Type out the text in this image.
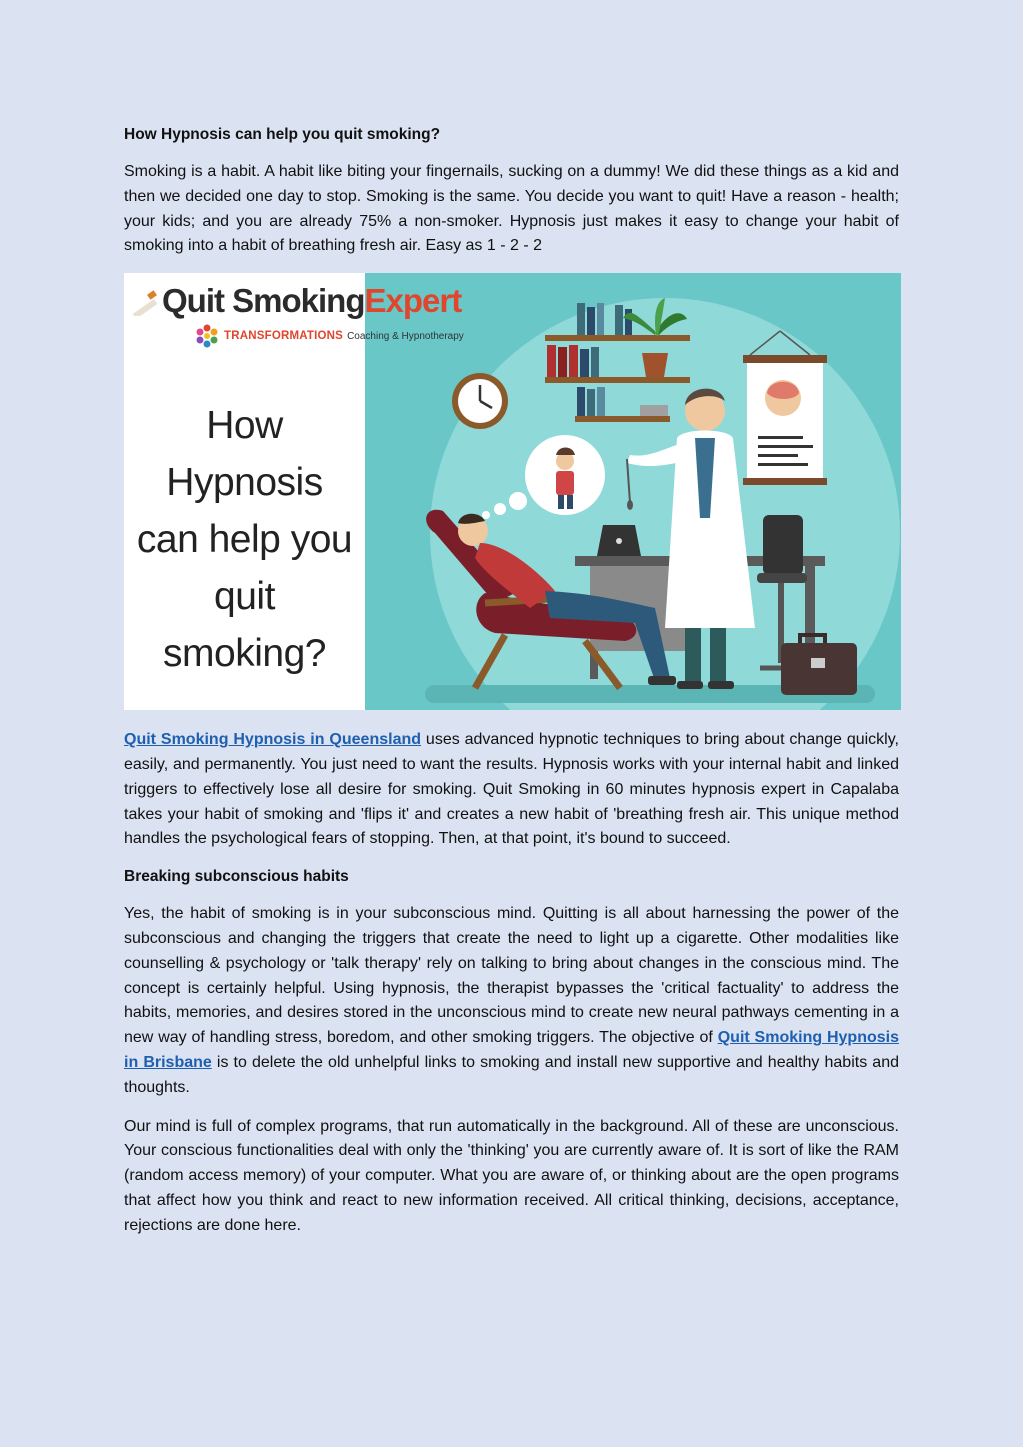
How Hypnosis can help you quit smoking?

Smoking is a habit. A habit like biting your fingernails, sucking on a dummy! We did these things as a kid and then we decided one day to stop. Smoking is the same. You decide you want to quit! Have a reason - health; your kids; and you are already 75% a non-smoker. Hypnosis just makes it easy to change your habit of smoking into a habit of breathing fresh air. Easy as 1 - 2 - 2

How
Hypnosis
can help you
quit
smoking?
Quit SmokingExpert
TRANSFORMATIONS Coaching & Hypnotherapy

Quit Smoking Hypnosis in Queensland uses advanced hypnotic techniques to bring about change quickly, easily, and permanently. You just need to want the results. Hypnosis works with your internal habit and linked triggers to effectively lose all desire for smoking. Quit Smoking in 60 minutes hypnosis expert in Capalaba takes your habit of smoking and 'flips it' and creates a new habit of 'breathing fresh air. This unique method handles the psychological fears of stopping. Then, at that point, it's bound to succeed.

Breaking subconscious habits

Yes, the habit of smoking is in your subconscious mind. Quitting is all about harnessing the power of the subconscious and changing the triggers that create the need to light up a cigarette. Other modalities like counselling & psychology or 'talk therapy' rely on talking to bring about changes in the conscious mind. The concept is certainly helpful. Using hypnosis, the therapist bypasses the 'critical factuality' to address the habits, memories, and desires stored in the unconscious mind to create new neural pathways cementing in a new way of handling stress, boredom, and other smoking triggers. The objective of Quit Smoking Hypnosis in Brisbane is to delete the old unhelpful links to smoking and install new supportive and healthy habits and thoughts.

Our mind is full of complex programs, that run automatically in the background. All of these are unconscious. Your conscious functionalities deal with only the 'thinking' you are currently aware of. It is sort of like the RAM (random access memory) of your computer. What you are aware of, or thinking about are the open programs that affect how you think and react to new information received. All critical thinking, decisions, acceptance, rejections are done here.
